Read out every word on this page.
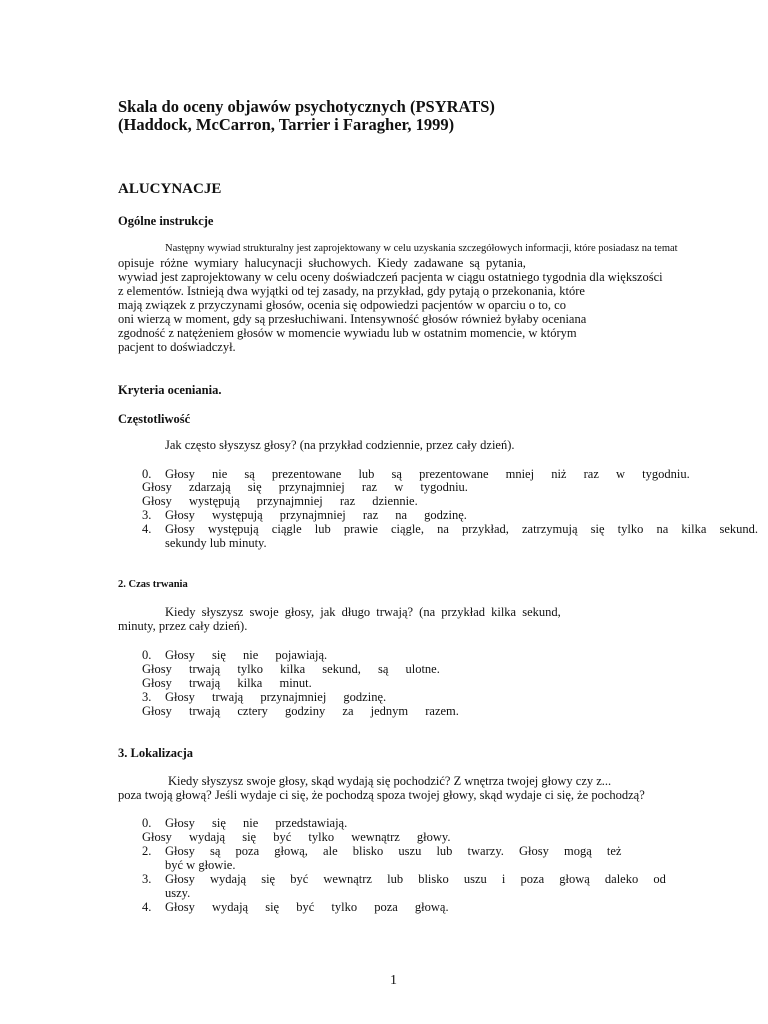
Skala do oceny objawów psychotycznych (PSYRATS)
(Haddock, McCarron, Tarrier i Faragher, 1999)
ALUCYNACJE
Ogólne instrukcje
Następny wywiad strukturalny jest zaprojektowany w celu uzyskania szczegółowych informacji, które posiadasz na temat
opisuje różne wymiary halucynacji słuchowych. Kiedy zadawane są pytania,
wywiad jest zaprojektowany w celu oceny doświadczeń pacjenta w ciągu ostatniego tygodnia dla większości
z elementów. Istnieją dwa wyjątki od tej zasady, na przykład, gdy pytają o przekonania, które
mają związek z przyczynami głosów, ocenia się odpowiedzi pacjentów w oparciu o to, co
oni wierzą w moment, gdy są przesłuchiwani. Intensywność głosów również byłaby oceniana
zgodność z natężeniem głosów w momencie wywiadu lub w ostatnim momencie, w którym
pacjent to doświadczył.
Kryteria oceniania.
Częstotliwość
Jak często słyszysz głosy? (na przykład codziennie, przez cały dzień).
0. Głosy nie są prezentowane lub są prezentowane mniej niż raz w tygodniu.
Głosy zdarzają się przynajmniej raz w tygodniu.
Głosy występują przynajmniej raz dziennie.
3. Głosy występują przynajmniej raz na godzinę.
4. Głosy występują ciągle lub prawie ciągle, na przykład, zatrzymują się tylko na kilka sekund.
sekundy lub minuty.
2. Czas trwania
Kiedy słyszysz swoje głosy, jak długo trwają? (na przykład kilka sekund,
minuty, przez cały dzień).
0. Głosy się nie pojawiają.
Głosy trwają tylko kilka sekund, są ulotne.
Głosy trwają kilka minut.
3. Głosy trwają przynajmniej godzinę.
Głosy trwają cztery godziny za jednym razem.
3. Lokalizacja
Kiedy słyszysz swoje głosy, skąd wydają się pochodzić? Z wnętrza twojej głowy czy z...
poza twoją głową? Jeśli wydaje ci się, że pochodzą spoza twojej głowy, skąd wydaje ci się, że pochodzą?
0. Głosy się nie przedstawiają.
Głosy wydają się być tylko wewnątrz głowy.
2. Głosy są poza głową, ale blisko uszu lub twarzy. Głosy mogą też
być w głowie.
3. Głosy wydają się być wewnątrz lub blisko uszu i poza głową daleko od
uszy.
4. Głosy wydają się być tylko poza głową.
1
